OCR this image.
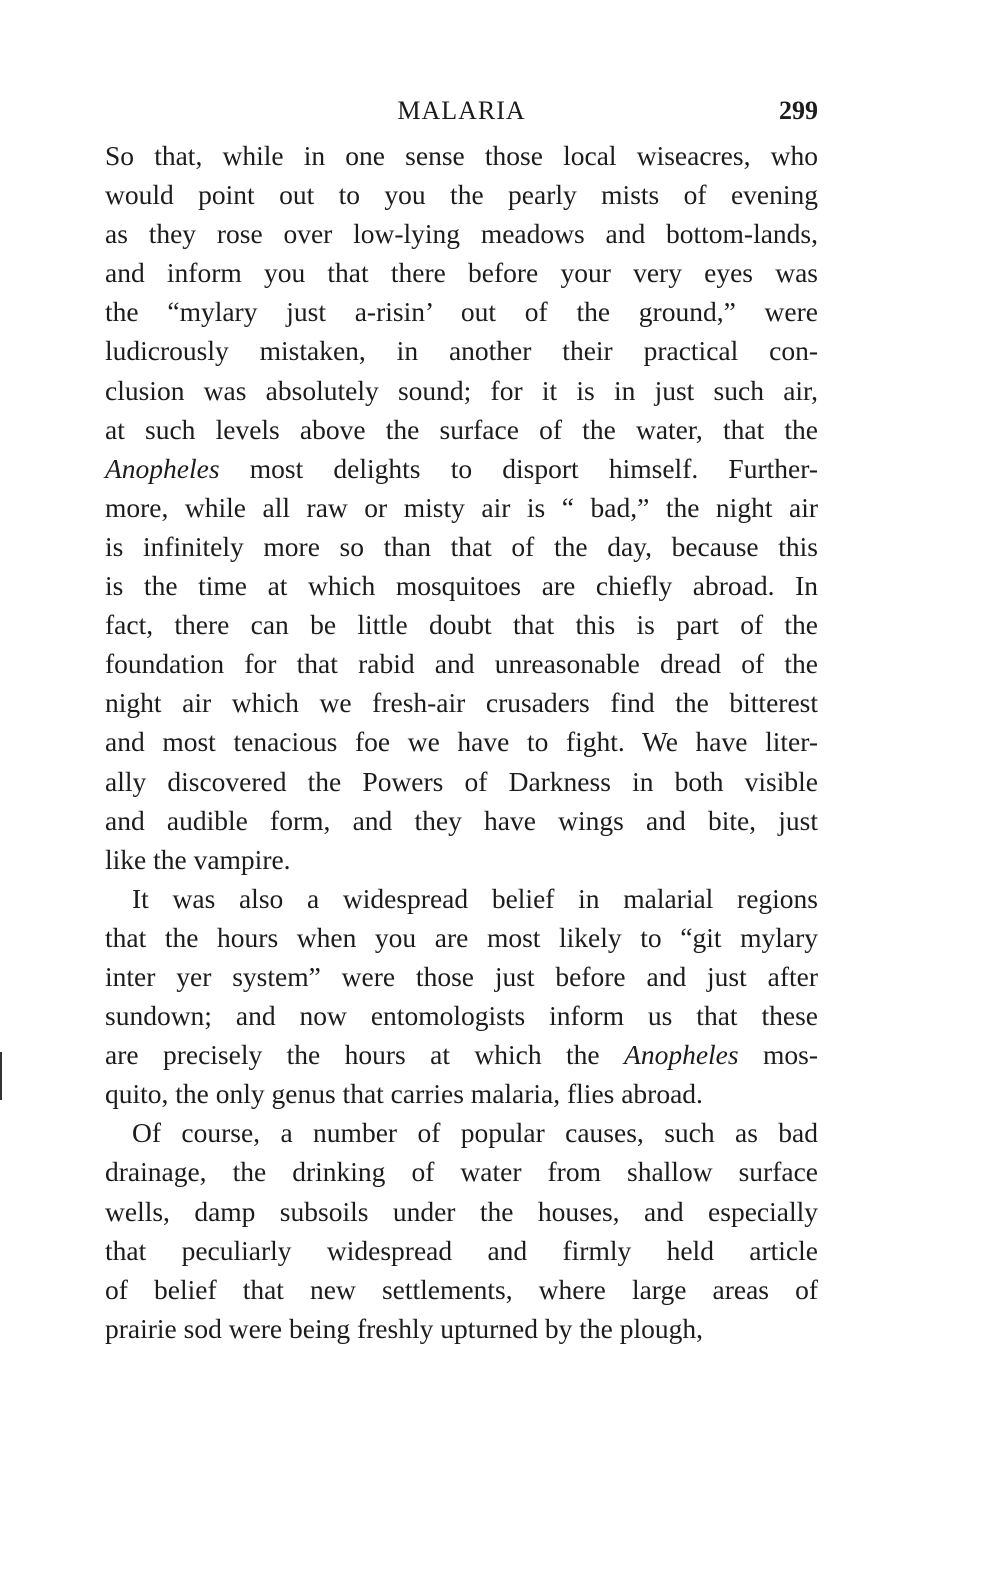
MALARIA	299
So that, while in one sense those local wiseacres, who
would point out to you the pearly mists of evening
as they rose over low-lying meadows and bottom-lands,
and inform you that there before your very eyes was
the “mylary just a-risin’ out of the ground,” were
ludicrously mistaken, in another their practical con-
clusion was absolutely sound; for it is in just such air,
at such levels above the surface of the water, that the
Anopheles most delights to disport himself. Further-
more, while all raw or misty air is “ bad,” the night air
is infinitely more so than that of the day, because this
is the time at which mosquitoes are chiefly abroad. In
fact, there can be little doubt that this is part of the
foundation for that rabid and unreasonable dread of the
night air which we fresh-air crusaders find the bitterest
and most tenacious foe we have to fight. We have liter-
ally discovered the Powers of Darkness in both visible
and audible form, and they have wings and bite, just
like the vampire.
It was also a widespread belief in malarial regions
that the hours when you are most likely to “git mylary
inter yer system” were those just before and just after
sundown; and now entomologists inform us that these
are precisely the hours at which the Anopheles mos-
quito, the only genus that carries malaria, flies abroad.
Of course, a number of popular causes, such as bad
drainage, the drinking of water from shallow surface
wells, damp subsoils under the houses, and especially
that peculiarly widespread and firmly held article
of belief that new settlements, where large areas of
prairie sod were being freshly upturned by the plough,
